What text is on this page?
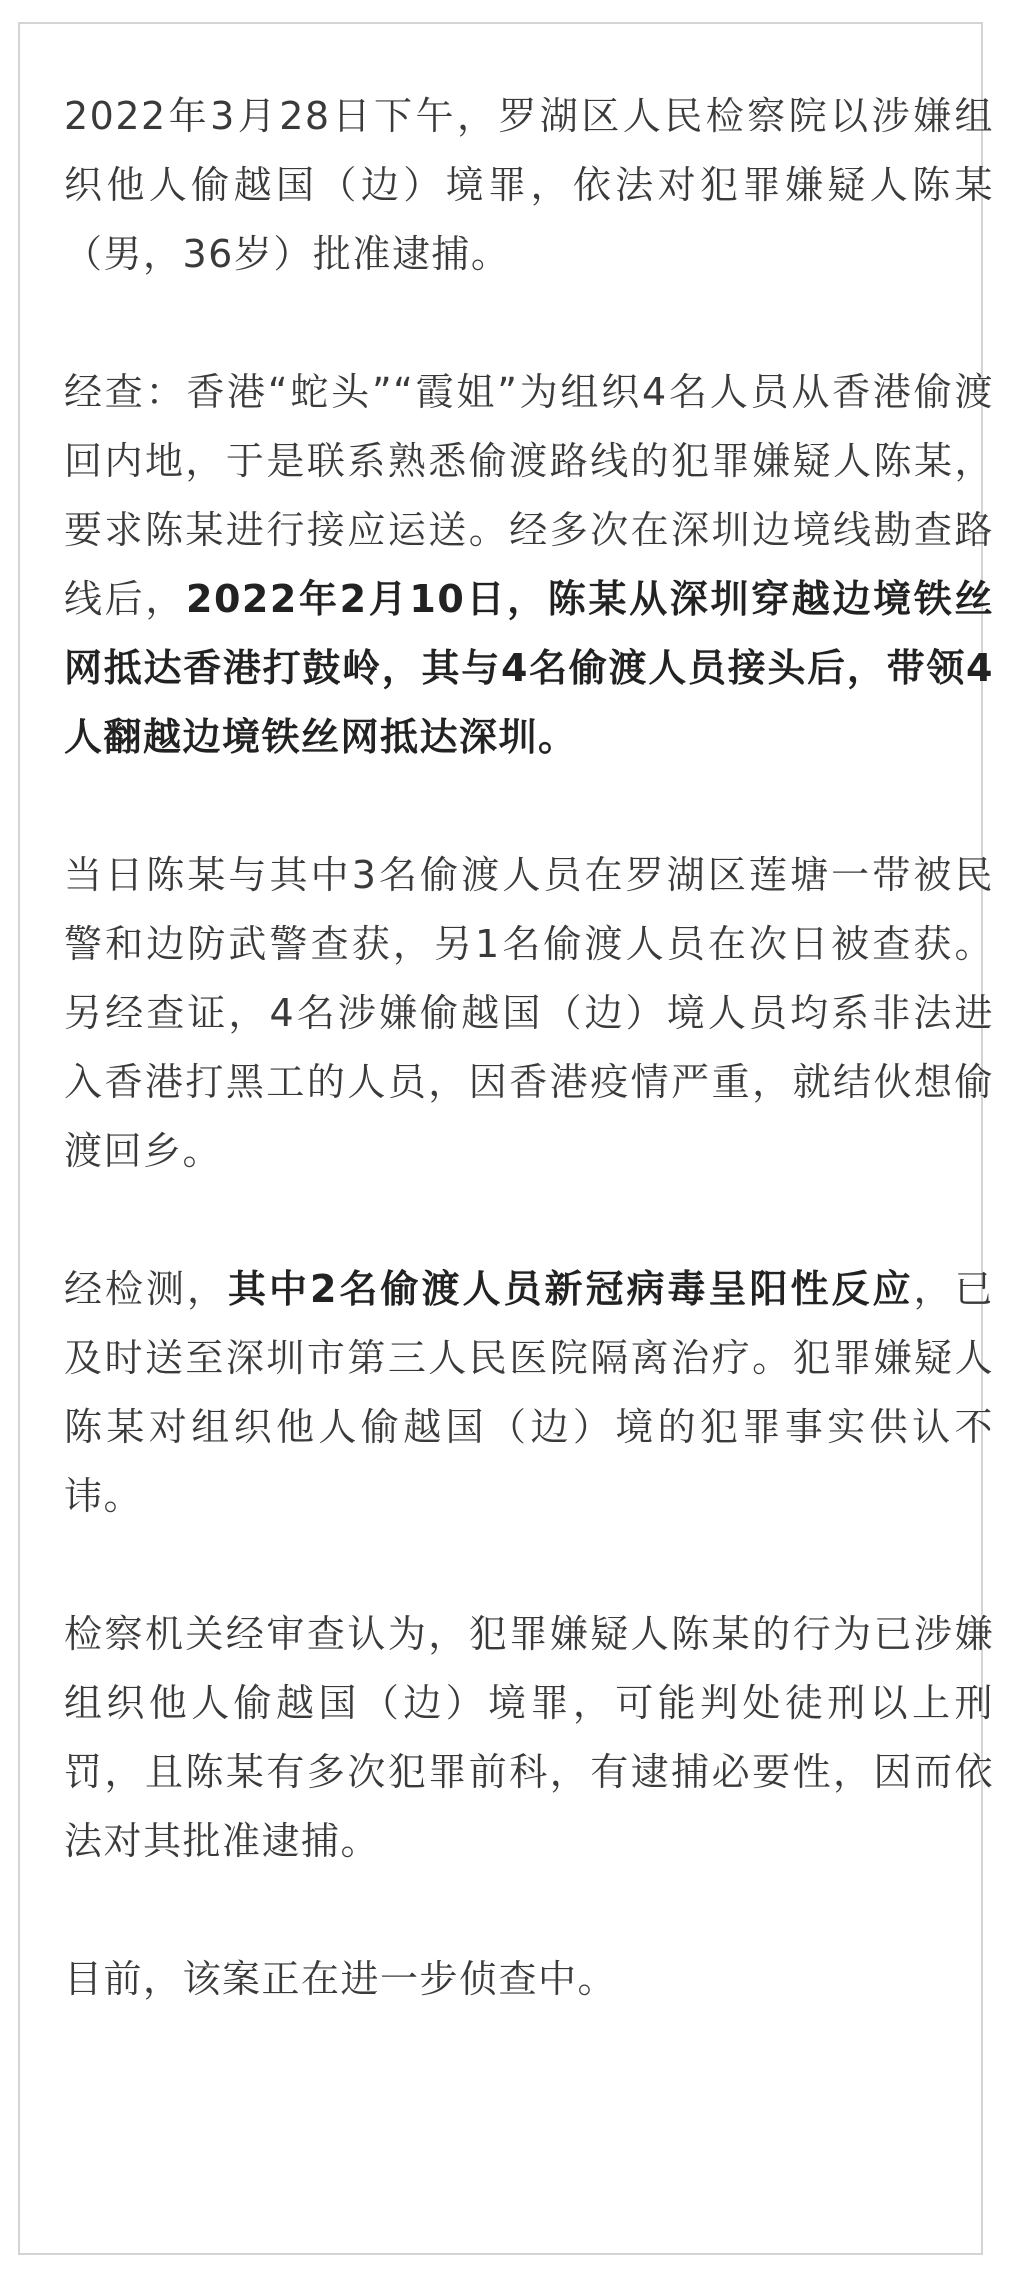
2022年3月28日下午，罗湖区人民检察院以涉嫌组织他人偷越国（边）境罪，依法对犯罪嫌疑人陈某（男，36岁）批准逮捕。

经查：香港“蛇头”“霞姐”为组织4名人员从香港偷渡回内地，于是联系熟悉偷渡路线的犯罪嫌疑人陈某，要求陈某进行接应运送。经多次在深圳边境线勘查路线后，2022年2月10日，陈某从深圳穿越边境铁丝网抵达香港打鼓岭，其与4名偷渡人员接头后，带领4人翻越边境铁丝网抵达深圳。

当日陈某与其中3名偷渡人员在罗湖区莲塘一带被民警和边防武警查获，另1名偷渡人员在次日被查获。另经查证，4名涉嫌偷越国（边）境人员均系非法进入香港打黑工的人员，因香港疫情严重，就结伙想偷渡回乡。

经检测，其中2名偷渡人员新冠病毒呈阳性反应，已及时送至深圳市第三人民医院隔离治疗。犯罪嫌疑人陈某对组织他人偷越国（边）境的犯罪事实供认不讳。

检察机关经审查认为，犯罪嫌疑人陈某的行为已涉嫌组织他人偷越国（边）境罪，可能判处徒刑以上刑罚，且陈某有多次犯罪前科，有逮捕必要性，因而依法对其批准逮捕。

目前，该案正在进一步侦查中。
